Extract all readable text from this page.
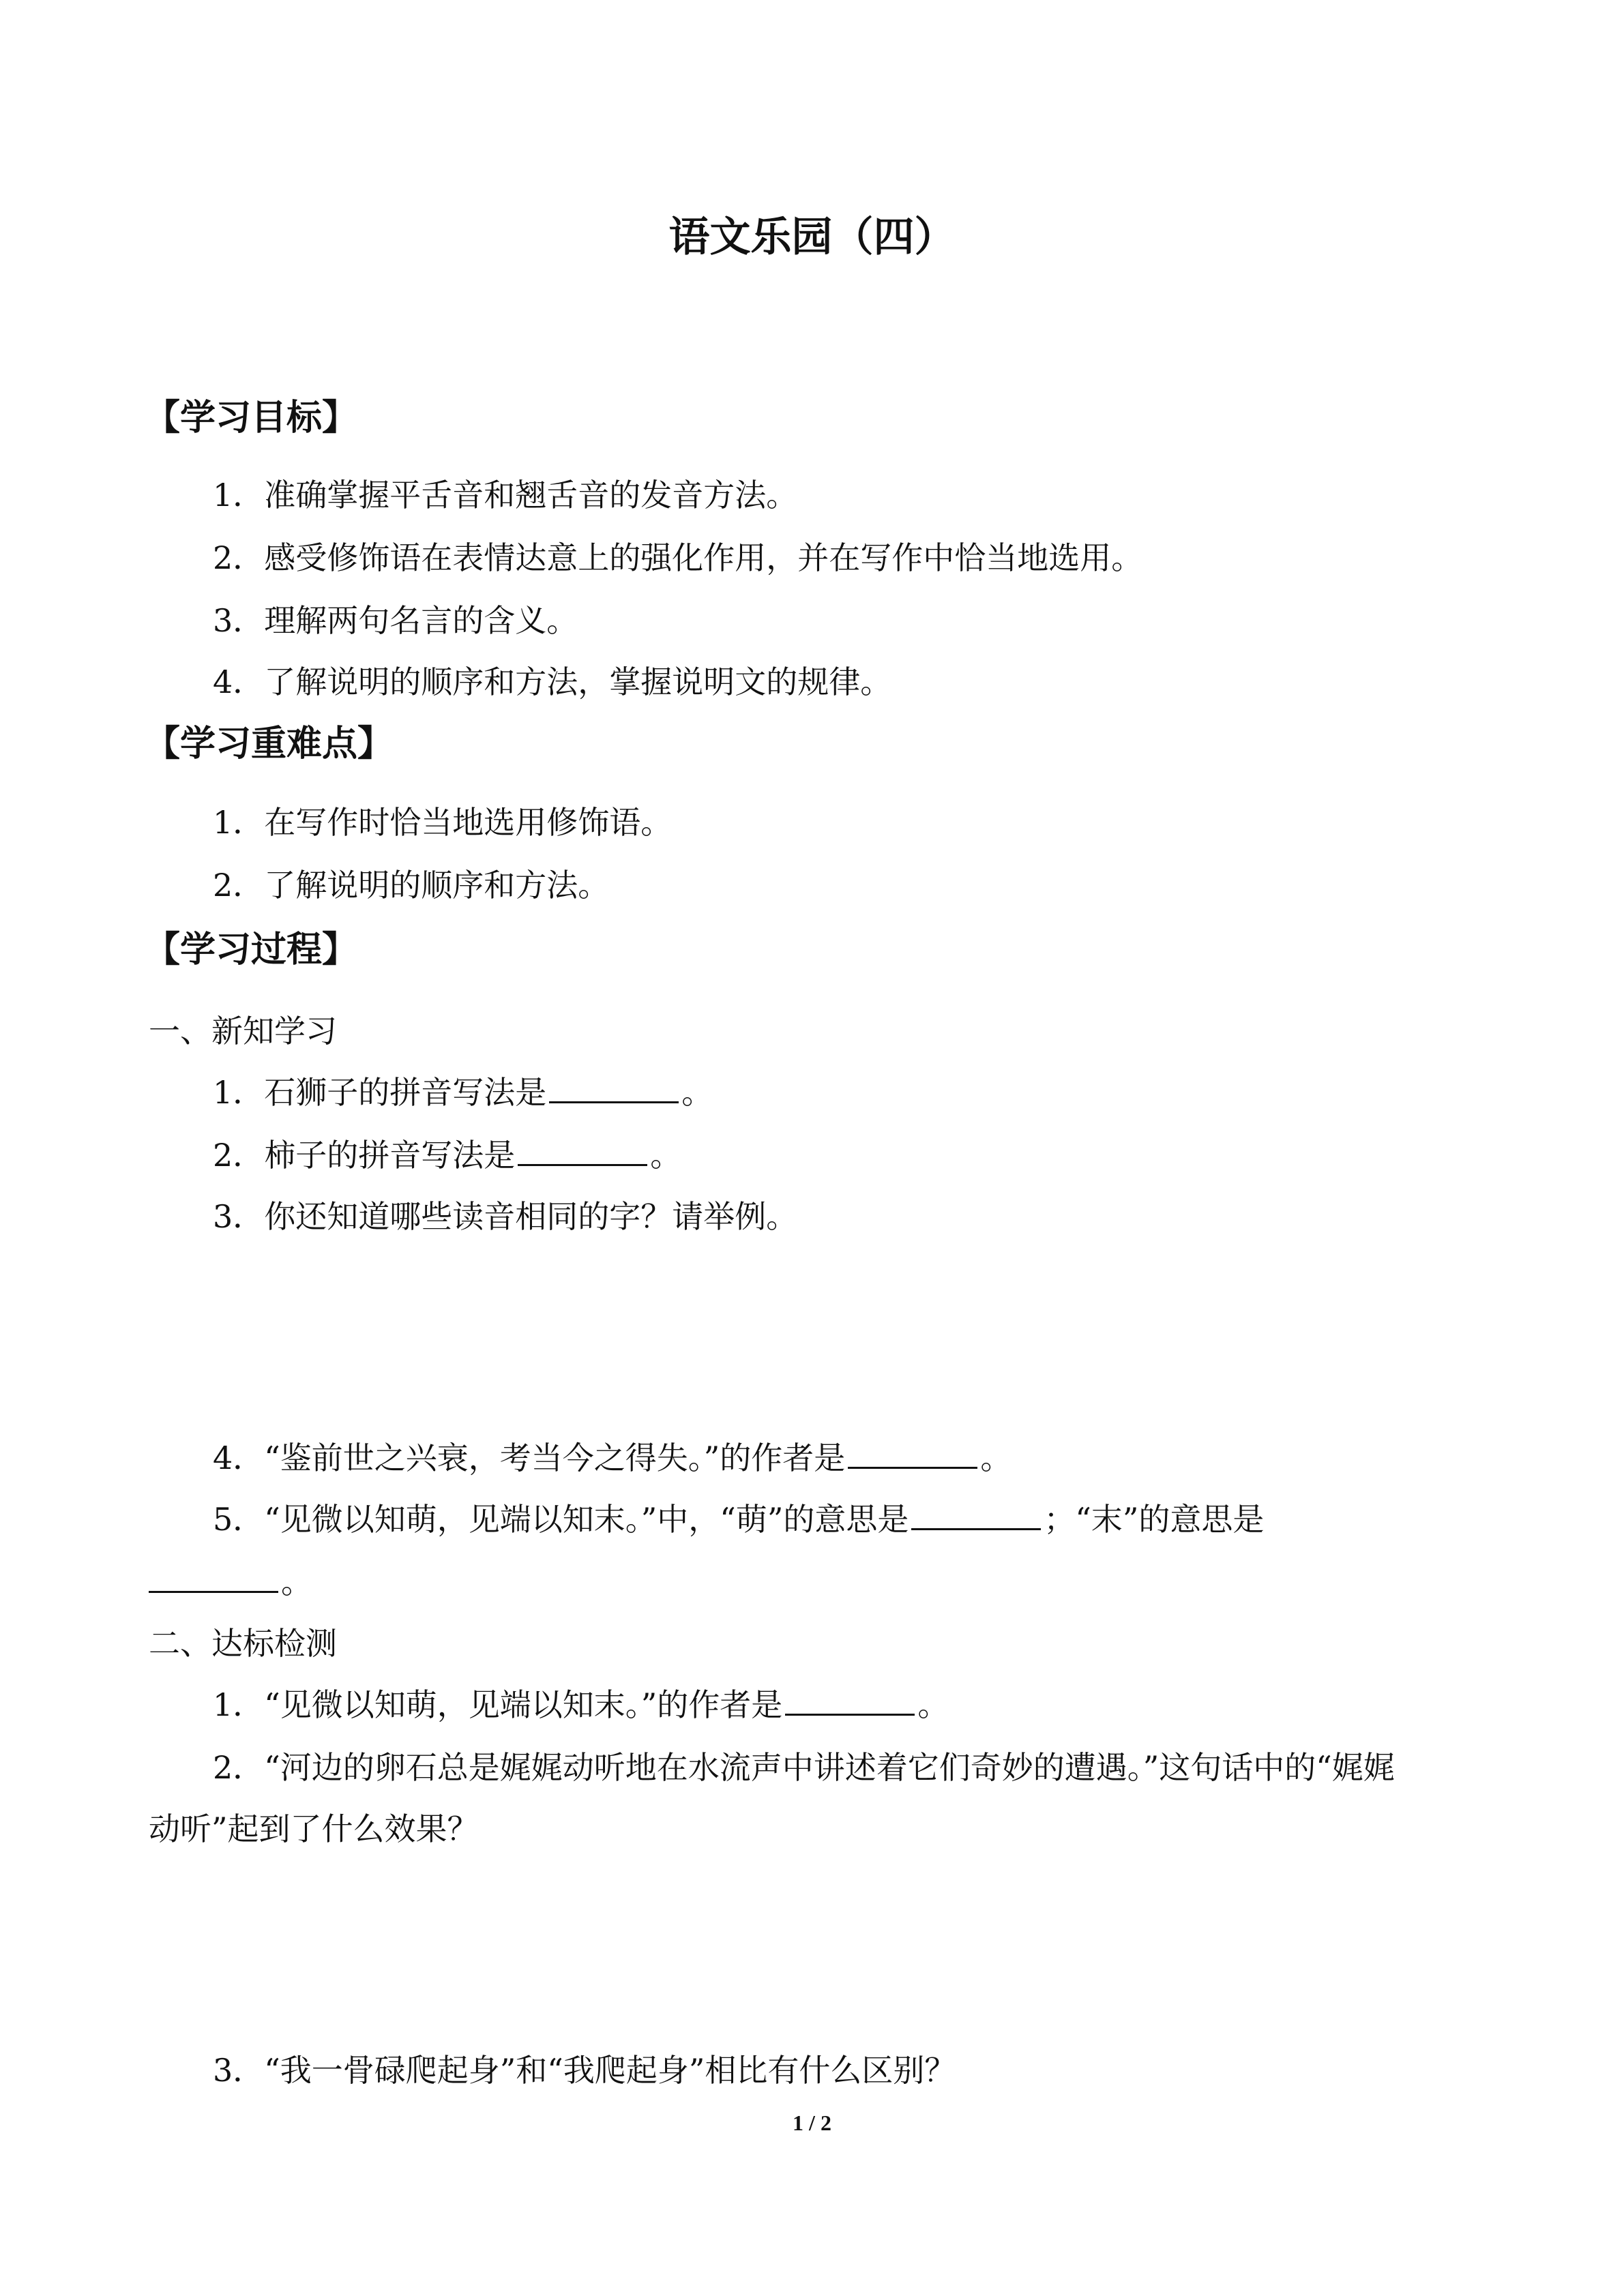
语文乐园（四）
【学习目标】
1．准确掌握平舌音和翘舌音的发音方法。
2．感受修饰语在表情达意上的强化作用，并在写作中恰当地选用。
3．理解两句名言的含义。
4．了解说明的顺序和方法，掌握说明文的规律。
【学习重难点】
1．在写作时恰当地选用修饰语。
2．了解说明的顺序和方法。
【学习过程】
一、新知学习
1．石狮子的拼音写法是	。
2．柿子的拼音写法是	。
3．你还知道哪些读音相同的字？请举例。
4．“鉴前世之兴衰，考当今之得失。”的作者是	。
5．“见微以知萌，见端以知末。”中，“萌”的意思是	；“末”的意思是
。
二、达标检测
1．“见微以知萌，见端以知末。”的作者是	。
2．“河边的卵石总是娓娓动听地在水流声中讲述着它们奇妙的遭遇。”这句话中的“娓娓
动听”起到了什么效果？
3．“我一骨碌爬起身”和“我爬起身”相比有什么区别？
1 / 2
